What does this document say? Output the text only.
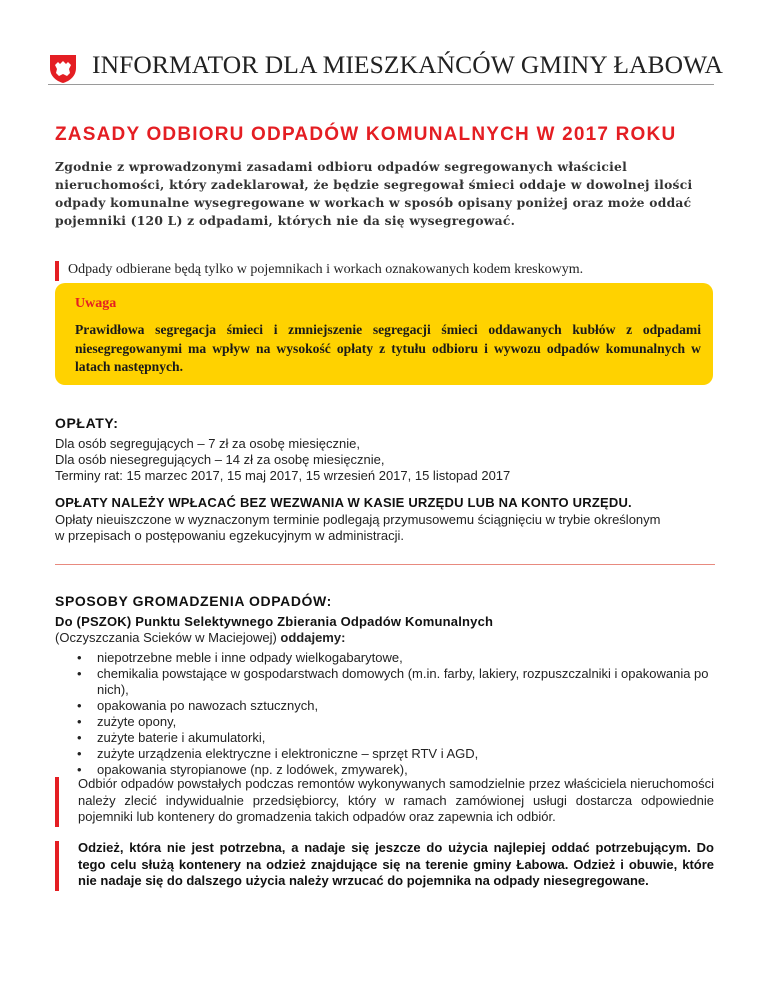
INFORMATOR DLA MIESZKAŃCÓW GMINY ŁABOWA
ZASADY ODBIORU ODPADÓW KOMUNALNYCH W 2017 ROKU
Zgodnie z wprowadzonymi zasadami odbioru odpadów segregowanych właściciel nieruchomości, który zadeklarował, że będzie segregował śmieci oddaje w dowolnej ilości odpady komunalne wysegregowane w workach w sposób opisany poniżej oraz może oddać pojemniki (120 L) z odpadami, których nie da się wysegregować.
Odpady odbierane będą tylko w pojemnikach i workach oznakowanych kodem kreskowym.
Uwaga
Prawidłowa segregacja śmieci i zmniejszenie segregacji śmieci oddawanych kubłów z odpadami niesegregowanymi ma wpływ na wysokość opłaty z tytułu odbioru i wywozu odpadów komunalnych w latach następnych.
OPŁATY:
Dla osób segregujących – 7 zł za osobę miesięcznie,
Dla osób niesegregujących – 14 zł za osobę miesięcznie,
Terminy rat: 15 marzec 2017, 15 maj 2017, 15 wrzesień 2017, 15 listopad 2017
OPŁATY NALEŻY WPŁACAĆ BEZ WEZWANIA W KASIE URZĘDU LUB NA KONTO URZĘDU.
Opłaty nieuiszczone w wyznaczonym terminie podlegają przymusowemu ściągnięciu w trybie określonym
w przepisach o postępowaniu egzekucyjnym w administracji.
SPOSOBY GROMADZENIA ODPADÓW:
Do (PSZOK) Punktu Selektywnego Zbierania Odpadów Komunalnych
(Oczyszczania Scieków w Maciejowej) oddajemy:
• niepotrzebne meble i inne odpady wielkogabarytowe,
• chemikalia powstające w gospodarstwach domowych (m.in. farby, lakiery, rozpuszczalniki i opakowania po nich),
• opakowania po nawozach sztucznych,
• zużyte opony,
• zużyte baterie i akumulatorki,
• zużyte urządzenia elektryczne i elektroniczne – sprzęt RTV i AGD,
• opakowania styropianowe (np. z lodówek, zmywarek),
Odbiór odpadów powstałych podczas remontów wykonywanych samodzielnie przez właściciela nieruchomości należy zlecić indywidualnie przedsiębiorcy, który w ramach zamówionej usługi dostarcza odpowiednie pojemniki lub kontenery do gromadzenia takich odpadów oraz zapewnia ich odbiór.
Odzież, która nie jest potrzebna, a nadaje się jeszcze do użycia najlepiej oddać potrzebującym. Do tego celu służą kontenery na odzież znajdujące się na terenie gminy Łabowa. Odzież i obuwie, które nie nadaje się do dalszego użycia należy wrzucać do pojemnika na odpady niesegregowane.
